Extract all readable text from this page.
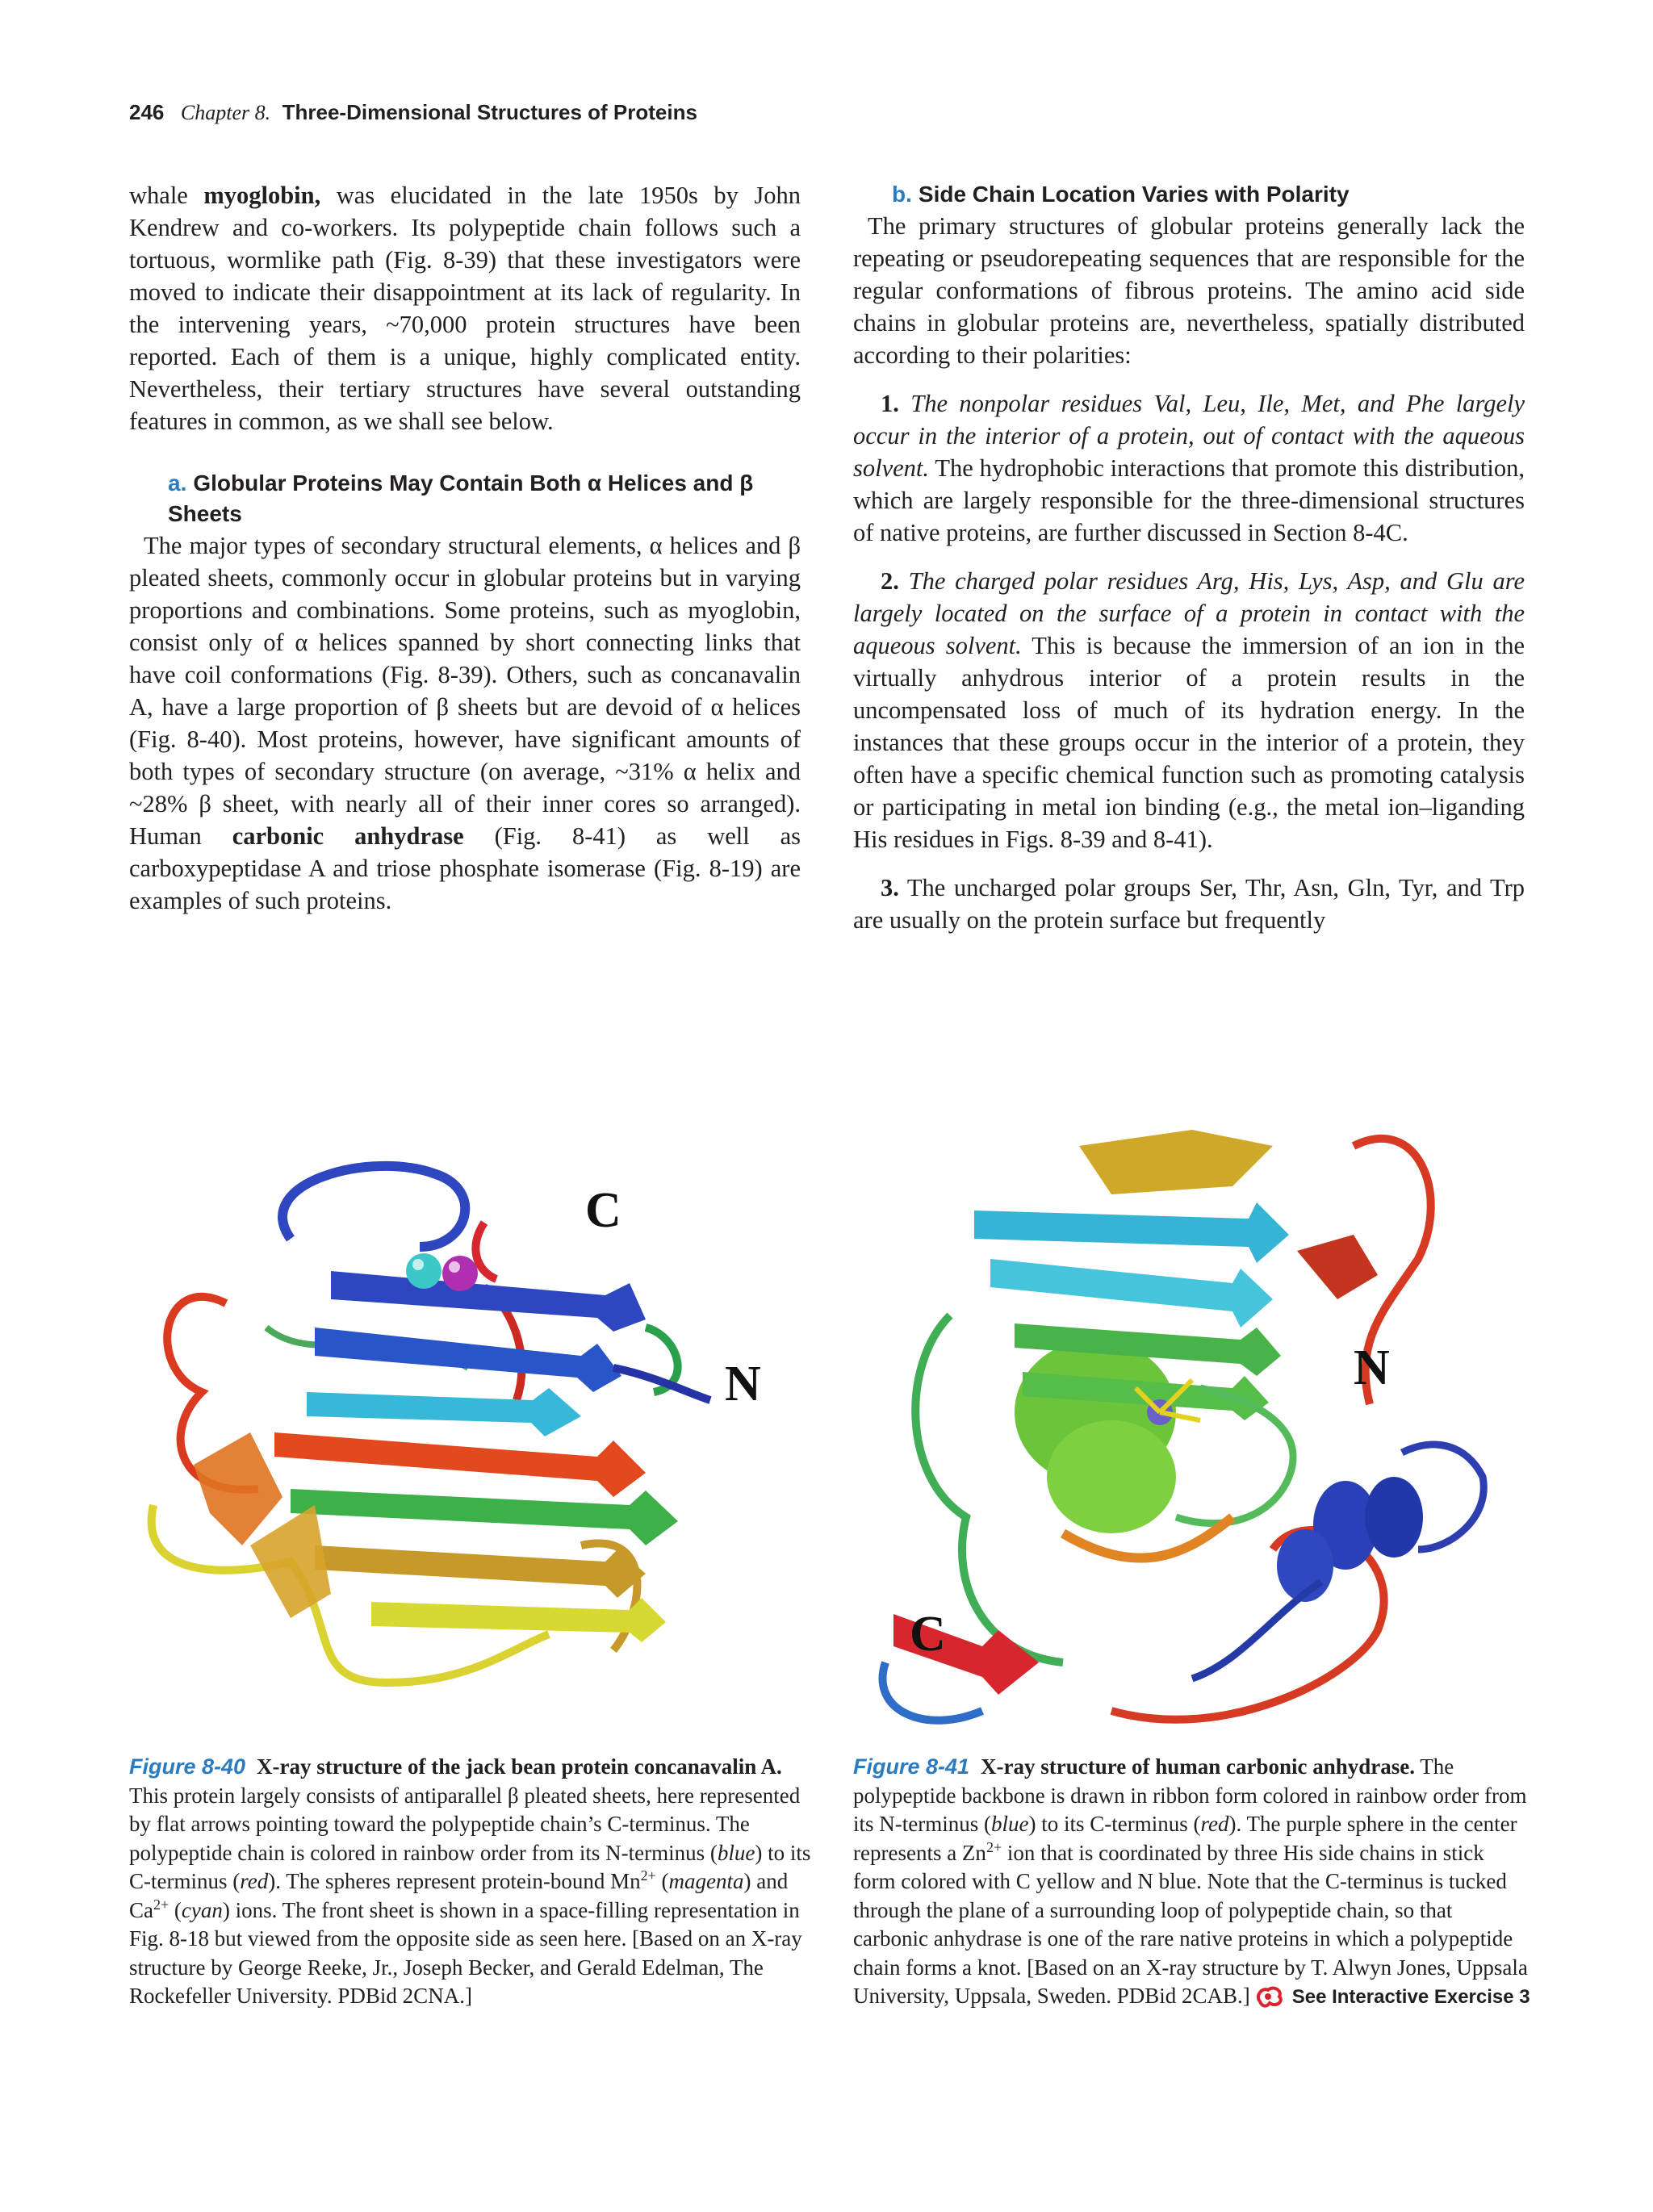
246 Chapter 8. Three-Dimensional Structures of Proteins

whale myoglobin, was elucidated in the late 1950s by John Kendrew and co-workers. Its polypeptide chain follows such a tortuous, wormlike path (Fig. 8-39) that these investigators were moved to indicate their disappointment at its lack of regularity. In the intervening years, ~70,000 protein structures have been reported. Each of them is a unique, highly complicated entity. Nevertheless, their tertiary structures have several outstanding features in common, as we shall see below.

a. Globular Proteins May Contain Both α Helices and β Sheets

The major types of secondary structural elements, α helices and β pleated sheets, commonly occur in globular proteins but in varying proportions and combinations. Some proteins, such as myoglobin, consist only of α helices spanned by short connecting links that have coil conformations (Fig. 8-39). Others, such as concanavalin A, have a large proportion of β sheets but are devoid of α helices (Fig. 8-40). Most proteins, however, have significant amounts of both types of secondary structure (on average, ~31% α helix and ~28% β sheet, with nearly all of their inner cores so arranged). Human carbonic anhydrase (Fig. 8-41) as well as carboxypeptidase A and triose phosphate isomerase (Fig. 8-19) are examples of such proteins.

b. Side Chain Location Varies with Polarity

The primary structures of globular proteins generally lack the repeating or pseudorepeating sequences that are responsible for the regular conformations of fibrous proteins. The amino acid side chains in globular proteins are, nevertheless, spatially distributed according to their polarities:

1. The nonpolar residues Val, Leu, Ile, Met, and Phe largely occur in the interior of a protein, out of contact with the aqueous solvent. The hydrophobic interactions that promote this distribution, which are largely responsible for the three-dimensional structures of native proteins, are further discussed in Section 8-4C.

2. The charged polar residues Arg, His, Lys, Asp, and Glu are largely located on the surface of a protein in contact with the aqueous solvent. This is because the immersion of an ion in the virtually anhydrous interior of a protein results in the uncompensated loss of much of its hydration energy. In the instances that these groups occur in the interior of a protein, they often have a specific chemical function such as promoting catalysis or participating in metal ion binding (e.g., the metal ion–liganding His residues in Figs. 8-39 and 8-41).

3. The uncharged polar groups Ser, Thr, Asn, Gln, Tyr, and Trp are usually on the protein surface but frequently

C
N	N
C
Figure 8-40 X-ray structure of the jack bean protein concanavalin A. This protein largely consists of antiparallel β pleated sheets, here represented by flat arrows pointing toward the polypeptide chain’s C-terminus. The polypeptide chain is colored in rainbow order from its N-terminus (blue) to its C-terminus (red). The spheres represent protein-bound $Mn^{2+}$ (magenta) and $Ca^{2+}$ (cyan) ions. The front sheet is shown in a space-filling representation in Fig. 8-18 but viewed from the opposite side as seen here. [Based on an X-ray structure by George Reeke, Jr., Joseph Becker, and Gerald Edelman, The Rockefeller University. PDBid 2CNA.]
Figure 8-41 X-ray structure of human carbonic anhydrase. The polypeptide backbone is drawn in ribbon form colored in rainbow order from its N-terminus (blue) to its C-terminus (red). The purple sphere in the center represents a $Zn^{2+}$ ion that is coordinated by three His side chains in stick form colored with C yellow and N blue. Note that the C-terminus is tucked through the plane of a surrounding loop of polypeptide chain, so that carbonic anhydrase is one of the rare native proteins in which a polypeptide chain forms a knot. [Based on an X-ray structure by T. Alwyn Jones, Uppsala University, Uppsala, Sweden. PDBid 2CAB.] See Interactive Exercise 3
